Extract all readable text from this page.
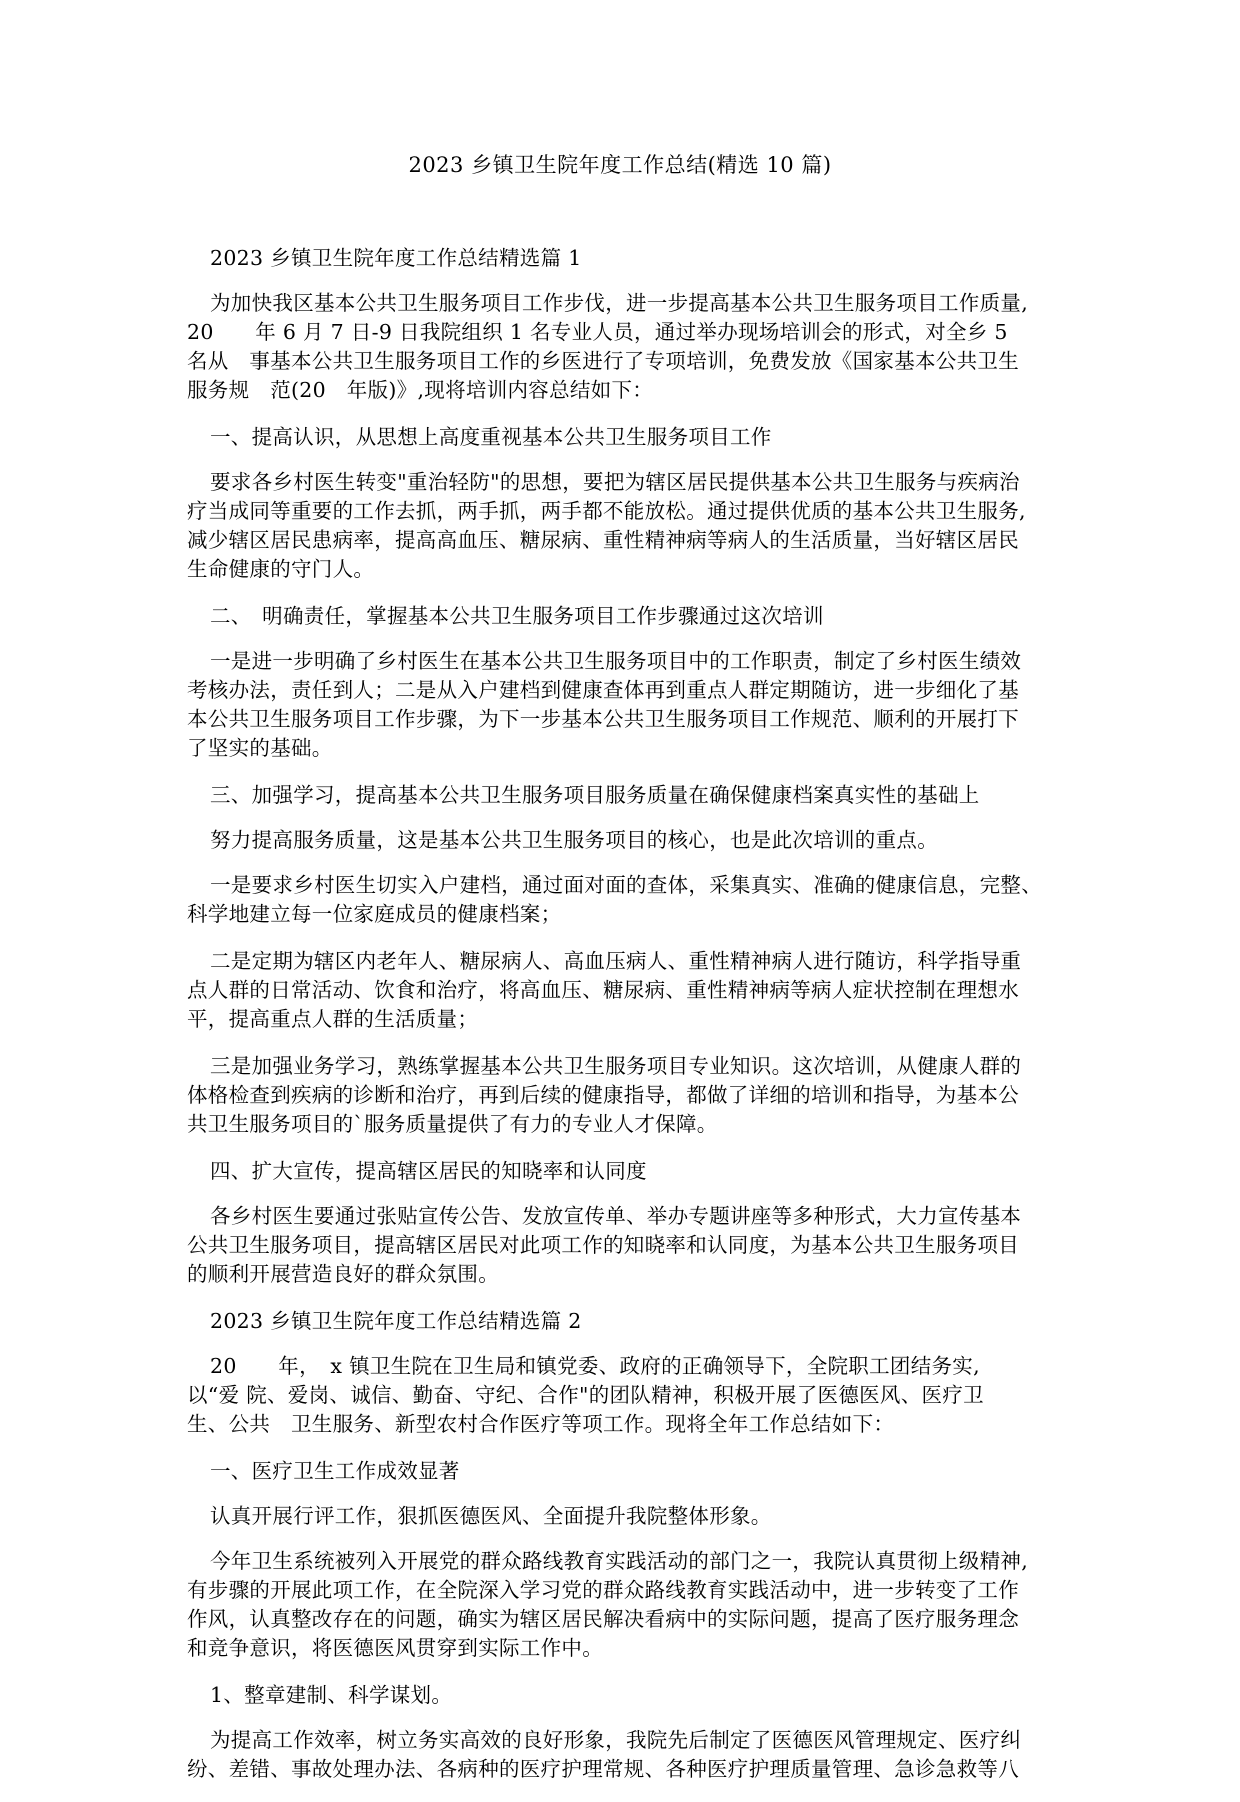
2023 乡镇卫生院年度工作总结(精选 10 篇)
2023 乡镇卫生院年度工作总结精选篇 1
为加快我区基本公共卫生服务项目工作步伐，进一步提高基本公共卫生服务项目工作质量,
20　　年 6 月 7 日-9 日我院组织 1 名专业人员，通过举办现场培训会的形式，对全乡 5
名从　事基本公共卫生服务项目工作的乡医进行了专项培训，免费发放《国家基本公共卫生
服务规　范(20　年版)》,现将培训内容总结如下：
一、提高认识，从思想上高度重视基本公共卫生服务项目工作
要求各乡村医生转变"重治轻防"的思想，要把为辖区居民提供基本公共卫生服务与疾病治
疗当成同等重要的工作去抓，两手抓，两手都不能放松。通过提供优质的基本公共卫生服务,
减少辖区居民患病率，提高高血压、糖尿病、重性精神病等病人的生活质量，当好辖区居民
生命健康的守门人。
二、　明确责任，掌握基本公共卫生服务项目工作步骤通过这次培训
一是进一步明确了乡村医生在基本公共卫生服务项目中的工作职责，制定了乡村医生绩效
考核办法，责任到人；二是从入户建档到健康查体再到重点人群定期随访，进一步细化了基
本公共卫生服务项目工作步骤，为下一步基本公共卫生服务项目工作规范、顺利的开展打下
了坚实的基础。
三、加强学习，提高基本公共卫生服务项目服务质量在确保健康档案真实性的基础上
努力提高服务质量，这是基本公共卫生服务项目的核心，也是此次培训的重点。
一是要求乡村医生切实入户建档，通过面对面的查体，采集真实、准确的健康信息，完整、
科学地建立每一位家庭成员的健康档案；
二是定期为辖区内老年人、糖尿病人、高血压病人、重性精神病人进行随访，科学指导重
点人群的日常活动、饮食和治疗，将高血压、糖尿病、重性精神病等病人症状控制在理想水
平，提高重点人群的生活质量；
三是加强业务学习，熟练掌握基本公共卫生服务项目专业知识。这次培训，从健康人群的
体格检查到疾病的诊断和治疗，再到后续的健康指导，都做了详细的培训和指导，为基本公
共卫生服务项目的`服务质量提供了有力的专业人才保障。
四、扩大宣传，提高辖区居民的知晓率和认同度
各乡村医生要通过张贴宣传公告、发放宣传单、举办专题讲座等多种形式，大力宣传基本
公共卫生服务项目，提高辖区居民对此项工作的知晓率和认同度，为基本公共卫生服务项目
的顺利开展营造良好的群众氛围。
2023 乡镇卫生院年度工作总结精选篇 2
20　　年，　x 镇卫生院在卫生局和镇党委、政府的正确领导下，全院职工团结务实,
以“爱 院、爱岗、诚信、勤奋、守纪、合作"的团队精神，积极开展了医德医风、医疗卫
生、公共　卫生服务、新型农村合作医疗等项工作。现将全年工作总结如下：
一、医疗卫生工作成效显著
认真开展行评工作，狠抓医德医风、全面提升我院整体形象。
今年卫生系统被列入开展党的群众路线教育实践活动的部门之一，我院认真贯彻上级精神,
有步骤的开展此项工作，在全院深入学习党的群众路线教育实践活动中，进一步转变了工作
作风，认真整改存在的问题，确实为辖区居民解决看病中的实际问题，提高了医疗服务理念
和竞争意识，将医德医风贯穿到实际工作中。
1、整章建制、科学谋划。
为提高工作效率，树立务实高效的良好形象，我院先后制定了医德医风管理规定、医疗纠
纷、差错、事故处理办法、各病种的医疗护理常规、各种医疗护理质量管理、急诊急救等八
